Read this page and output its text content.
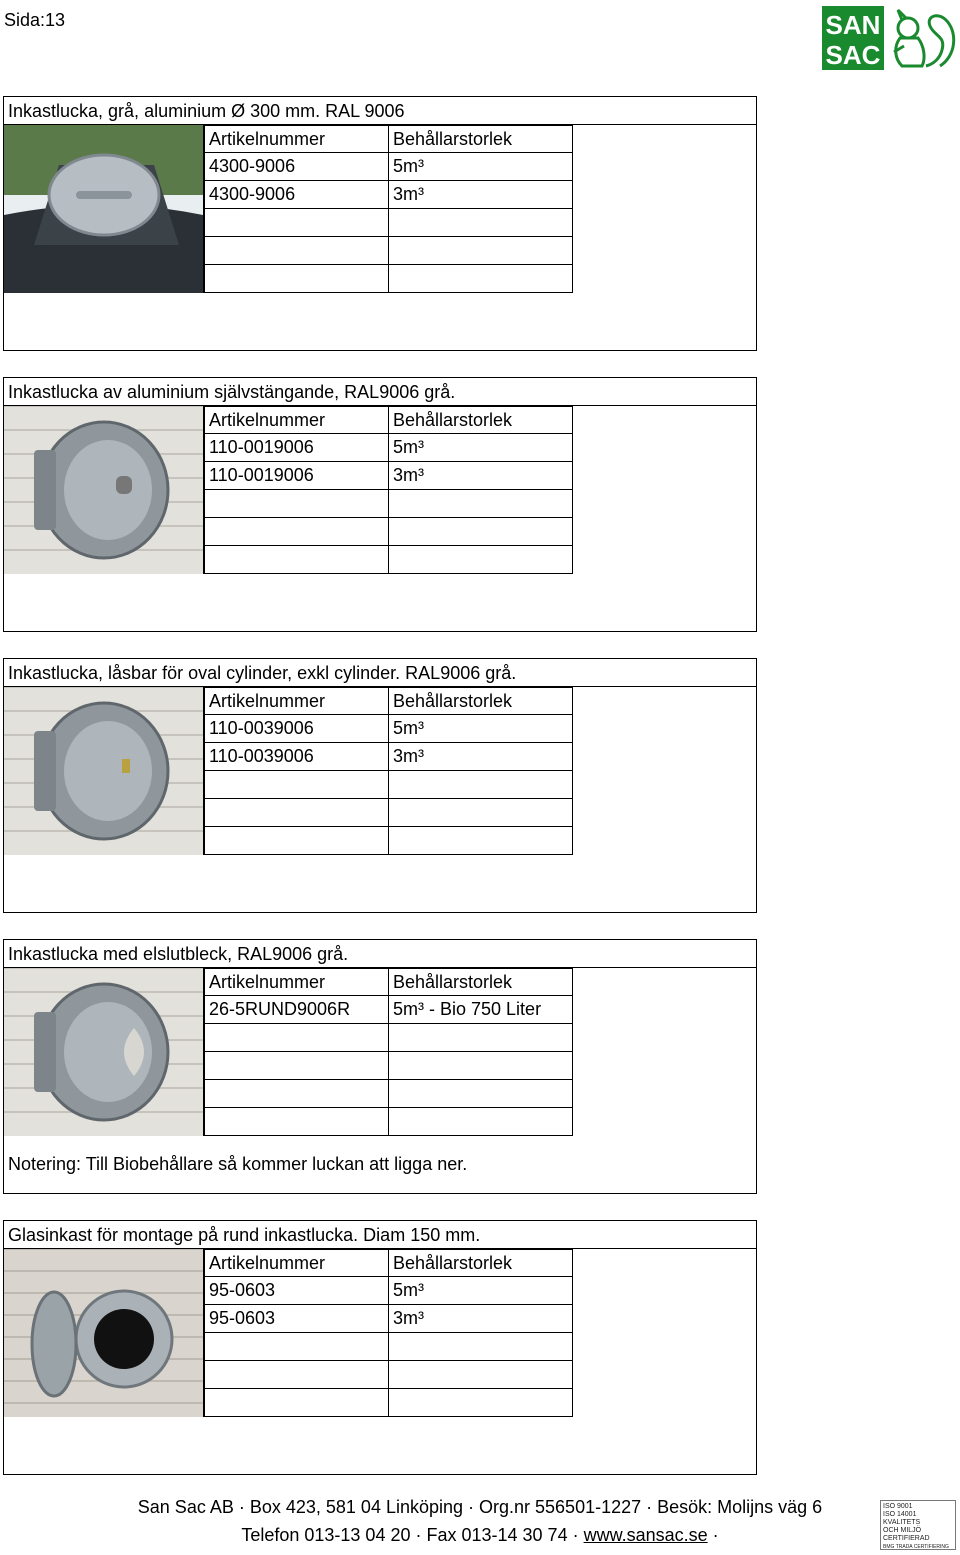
Sida:13	SAN
SAC
Inkastlucka, grå, aluminium Ø 300 mm. RAL 9006
Artikelnummer	Behållarstorlek
4300-9006	5m³
4300-9006	3m³
Inkastlucka av aluminium självstängande, RAL9006 grå.
Artikelnummer	Behållarstorlek
110-0019006	5m³
110-0019006	3m³
Inkastlucka, låsbar för oval cylinder, exkl cylinder. RAL9006 grå.
Artikelnummer	Behållarstorlek
110-0039006	5m³
110-0039006	3m³
Inkastlucka med elslutbleck, RAL9006 grå.
Artikelnummer	Behållarstorlek
26-5RUND9006R	5m³ - Bio 750 Liter
Notering: Till Biobehållare så kommer luckan att ligga ner.
Glasinkast för montage på rund inkastlucka. Diam 150 mm.
Artikelnummer	Behållarstorlek
95-0603	5m³
95-0603	3m³
San Sac AB · Box 423, 581 04 Linköping · Org.nr 556501-1227 · Besök: Molijns väg 6
Telefon 013-13 04 20 · Fax 013-14 30 74 · www.sansac.se ·
ISO 9001
ISO 14001
KVALITETS
OCH MILJÖ
CERTIFIERAD
BMG TRADA CERTIFIERING
